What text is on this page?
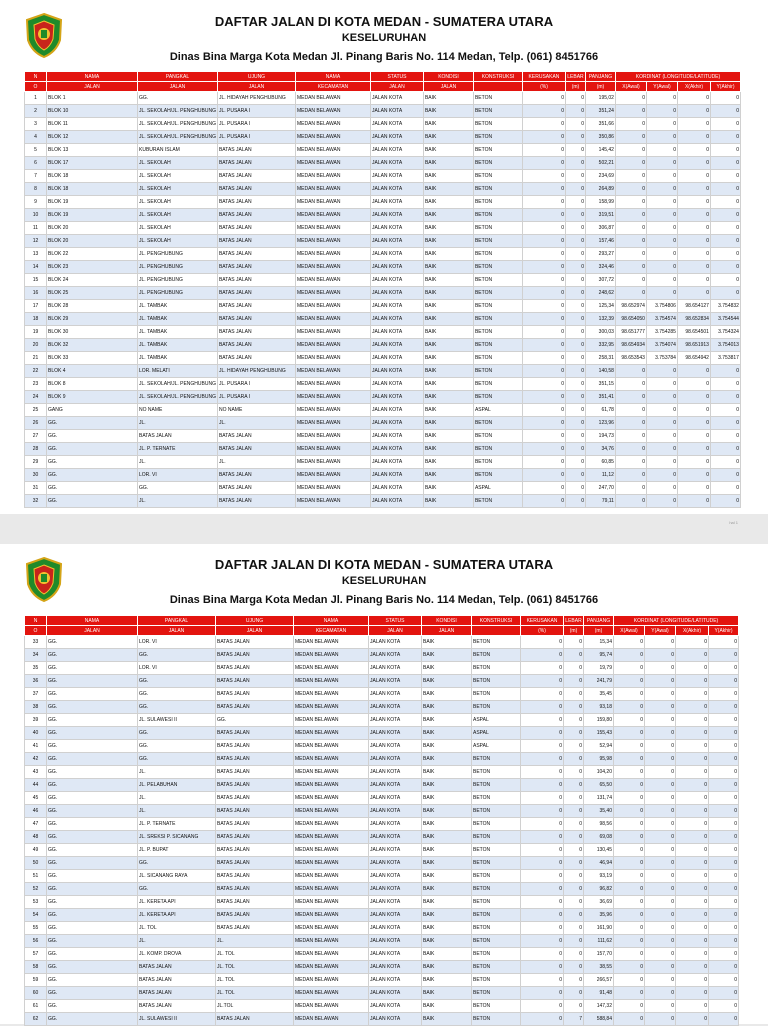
DAFTAR JALAN DI KOTA MEDAN - SUMATERA UTARA
KESELURUHAN
Dinas Bina Marga Kota Medan Jl. Pinang Baris No. 114 Medan, Telp. (061) 8451766
N	NAMA	PANGKAL	UJUNG	NAMA	STATUS	KONDISI	KONSTRUKSI	KERUSAKAN	LEBAR	PANJANG	KORDINAT (LONGITUDE/LATITUDE)			
O	JALAN	JALAN	JALAN	KECAMATAN	JALAN	JALAN		(%)	(m)	(m)	X(Awal)	Y(Awal)	X(Akhir)	Y(Akhir)
1	BLOK 1	GG.	JL. HIDAYAH PENGHUBUNG	MEDAN BELAWAN	JALAN KOTA	BAIK	BETON	0	0	195,02	0	0	0	0
2	BLOK 10	JL. SEKOLAH/JL. PENGHUBUNG	JL. PUSARA I	MEDAN BELAWAN	JALAN KOTA	BAIK	BETON	0	0	351,24	0	0	0	0
3	BLOK 11	JL. SEKOLAH/JL. PENGHUBUNG	JL. PUSARA I	MEDAN BELAWAN	JALAN KOTA	BAIK	BETON	0	0	351,66	0	0	0	0
4	BLOK 12	JL. SEKOLAH/JL. PENGHUBUNG	JL. PUSARA I	MEDAN BELAWAN	JALAN KOTA	BAIK	BETON	0	0	350,86	0	0	0	0
5	BLOK 13	KUBURAN ISLAM	BATAS JALAN	MEDAN BELAWAN	JALAN KOTA	BAIK	BETON	0	0	145,42	0	0	0	0
6	BLOK 17	JL. SEKOLAH	BATAS JALAN	MEDAN BELAWAN	JALAN KOTA	BAIK	BETON	0	0	502,21	0	0	0	0
7	BLOK 18	JL. SEKOLAH	BATAS JALAN	MEDAN BELAWAN	JALAN KOTA	BAIK	BETON	0	0	234,69	0	0	0	0
8	BLOK 18	JL. SEKOLAH	BATAS JALAN	MEDAN BELAWAN	JALAN KOTA	BAIK	BETON	0	0	264,89	0	0	0	0
9	BLOK 19	JL. SEKOLAH	BATAS JALAN	MEDAN BELAWAN	JALAN KOTA	BAIK	BETON	0	0	158,99	0	0	0	0
10	BLOK 19	JL. SEKOLAH	BATAS JALAN	MEDAN BELAWAN	JALAN KOTA	BAIK	BETON	0	0	319,51	0	0	0	0
11	BLOK 20	JL. SEKOLAH	BATAS JALAN	MEDAN BELAWAN	JALAN KOTA	BAIK	BETON	0	0	306,87	0	0	0	0
12	BLOK 20	JL. SEKOLAH	BATAS JALAN	MEDAN BELAWAN	JALAN KOTA	BAIK	BETON	0	0	157,46	0	0	0	0
13	BLOK 22	JL. PENGHUBUNG	BATAS JALAN	MEDAN BELAWAN	JALAN KOTA	BAIK	BETON	0	0	293,27	0	0	0	0
14	BLOK 23	JL. PENGHUBUNG	BATAS JALAN	MEDAN BELAWAN	JALAN KOTA	BAIK	BETON	0	0	324,46	0	0	0	0
15	BLOK 24	JL. PENGHUBUNG	BATAS JALAN	MEDAN BELAWAN	JALAN KOTA	BAIK	BETON	0	0	307,72	0	0	0	0
16	BLOK 25	JL. PENGHUBUNG	BATAS JALAN	MEDAN BELAWAN	JALAN KOTA	BAIK	BETON	0	0	248,62	0	0	0	0
17	BLOK 28	JL. TAMBAK	BATAS JALAN	MEDAN BELAWAN	JALAN KOTA	BAIK	BETON	0	0	125,34	98.652974	3.754806	98.654127	3.754832
18	BLOK 29	JL. TAMBAK	BATAS JALAN	MEDAN BELAWAN	JALAN KOTA	BAIK	BETON	0	0	132,39	98.654050	3.754574	98.652834	3.754544
19	BLOK 30	JL. TAMBAK	BATAS JALAN	MEDAN BELAWAN	JALAN KOTA	BAIK	BETON	0	0	300,03	98.651777	3.754285	98.654501	3.754324
20	BLOK 32	JL. TAMBAK	BATAS JALAN	MEDAN BELAWAN	JALAN KOTA	BAIK	BETON	0	0	332,95	98.654934	3.754074	98.651913	3.754013
21	BLOK 33	JL. TAMBAK	BATAS JALAN	MEDAN BELAWAN	JALAN KOTA	BAIK	BETON	0	0	258,31	98.653543	3.753784	98.654942	3.753817
22	BLOK 4	LOR. MELATI	JL. HIDAYAH PENGHUBUNG	MEDAN BELAWAN	JALAN KOTA	BAIK	BETON	0	0	140,58	0	0	0	0
23	BLOK 8	JL. SEKOLAH/JL. PENGHUBUNG	JL. PUSARA I	MEDAN BELAWAN	JALAN KOTA	BAIK	BETON	0	0	351,15	0	0	0	0
24	BLOK 9	JL. SEKOLAH/JL. PENGHUBUNG	JL. PUSARA I	MEDAN BELAWAN	JALAN KOTA	BAIK	BETON	0	0	351,41	0	0	0	0
25	GANG	NO NAME	NO NAME	MEDAN BELAWAN	JALAN KOTA	BAIK	ASPAL	0	0	61,78	0	0	0	0
26	GG.	JL.	JL.	MEDAN BELAWAN	JALAN KOTA	BAIK	BETON	0	0	123,96	0	0	0	0
27	GG.	BATAS JALAN	BATAS JALAN	MEDAN BELAWAN	JALAN KOTA	BAIK	BETON	0	0	194,73	0	0	0	0
28	GG.	JL. P. TERNATE	BATAS JALAN	MEDAN BELAWAN	JALAN KOTA	BAIK	BETON	0	0	34,76	0	0	0	0
29	GG.	JL.	JL.	MEDAN BELAWAN	JALAN KOTA	BAIK	BETON	0	0	60,85	0	0	0	0
30	GG.	LOR. VI	BATAS JALAN	MEDAN BELAWAN	JALAN KOTA	BAIK	BETON	0	0	11,12	0	0	0	0
31	GG.	GG.	BATAS JALAN	MEDAN BELAWAN	JALAN KOTA	BAIK	ASPAL	0	0	247,70	0	0	0	0
32	GG.	JL.	BATAS JALAN	MEDAN BELAWAN	JALAN KOTA	BAIK	BETON	0	0	79,11	0	0	0	0
hal 1
DAFTAR JALAN DI KOTA MEDAN - SUMATERA UTARA
KESELURUHAN
Dinas Bina Marga Kota Medan Jl. Pinang Baris No. 114 Medan, Telp. (061) 8451766
N	NAMA	PANGKAL	UJUNG	NAMA	STATUS	KONDISI	KONSTRUKSI	KERUSAKAN	LEBAR	PANJANG	KORDINAT (LONGITUDE/LATITUDE)			
O	JALAN	JALAN	JALAN	KECAMATAN	JALAN	JALAN		(%)	(m)	(m)	X(Awal)	Y(Awal)	X(Akhir)	Y(Akhir)
33	GG.	LOR. VI	BATAS JALAN	MEDAN BELAWAN	JALAN KOTA	BAIK	BETON	0	0	15,34	0	0	0	0
34	GG.	GG.	BATAS JALAN	MEDAN BELAWAN	JALAN KOTA	BAIK	BETON	0	0	95,74	0	0	0	0
35	GG.	LOR. VI	BATAS JALAN	MEDAN BELAWAN	JALAN KOTA	BAIK	BETON	0	0	19,79	0	0	0	0
36	GG.	GG.	BATAS JALAN	MEDAN BELAWAN	JALAN KOTA	BAIK	BETON	0	0	241,79	0	0	0	0
37	GG.	GG.	BATAS JALAN	MEDAN BELAWAN	JALAN KOTA	BAIK	BETON	0	0	35,45	0	0	0	0
38	GG.	GG.	BATAS JALAN	MEDAN BELAWAN	JALAN KOTA	BAIK	BETON	0	0	93,18	0	0	0	0
39	GG.	JL. SULAWESI II	GG.	MEDAN BELAWAN	JALAN KOTA	BAIK	ASPAL	0	0	159,80	0	0	0	0
40	GG.	GG.	BATAS JALAN	MEDAN BELAWAN	JALAN KOTA	BAIK	ASPAL	0	0	155,43	0	0	0	0
41	GG.	GG.	BATAS JALAN	MEDAN BELAWAN	JALAN KOTA	BAIK	ASPAL	0	0	52,94	0	0	0	0
42	GG.	GG.	BATAS JALAN	MEDAN BELAWAN	JALAN KOTA	BAIK	BETON	0	0	95,98	0	0	0	0
43	GG.	JL.	BATAS JALAN	MEDAN BELAWAN	JALAN KOTA	BAIK	BETON	0	0	104,20	0	0	0	0
44	GG.	JL. PELABUHAN	BATAS JALAN	MEDAN BELAWAN	JALAN KOTA	BAIK	BETON	0	0	65,50	0	0	0	0
45	GG.	JL.	BATAS JALAN	MEDAN BELAWAN	JALAN KOTA	BAIK	BETON	0	0	131,74	0	0	0	0
46	GG.	JL.	BATAS JALAN	MEDAN BELAWAN	JALAN KOTA	BAIK	BETON	0	0	35,40	0	0	0	0
47	GG.	JL. P. TERNATE	BATAS JALAN	MEDAN BELAWAN	JALAN KOTA	BAIK	BETON	0	0	98,56	0	0	0	0
48	GG.	JL. SREKSI P. SICANANG	BATAS JALAN	MEDAN BELAWAN	JALAN KOTA	BAIK	BETON	0	0	69,08	0	0	0	0
49	GG.	JL. P. BUPAT	BATAS JALAN	MEDAN BELAWAN	JALAN KOTA	BAIK	BETON	0	0	130,45	0	0	0	0
50	GG.	GG.	BATAS JALAN	MEDAN BELAWAN	JALAN KOTA	BAIK	BETON	0	0	46,94	0	0	0	0
51	GG.	JL. SICANANG RAYA	BATAS JALAN	MEDAN BELAWAN	JALAN KOTA	BAIK	BETON	0	0	93,19	0	0	0	0
52	GG.	GG.	BATAS JALAN	MEDAN BELAWAN	JALAN KOTA	BAIK	BETON	0	0	96,82	0	0	0	0
53	GG.	JL. KERETA API	BATAS JALAN	MEDAN BELAWAN	JALAN KOTA	BAIK	BETON	0	0	36,69	0	0	0	0
54	GG.	JL. KERETA API	BATAS JALAN	MEDAN BELAWAN	JALAN KOTA	BAIK	BETON	0	0	35,96	0	0	0	0
55	GG.	JL. TOL	BATAS JALAN	MEDAN BELAWAN	JALAN KOTA	BAIK	BETON	0	0	161,90	0	0	0	0
56	GG.	JL.	JL.	MEDAN BELAWAN	JALAN KOTA	BAIK	BETON	0	0	111,62	0	0	0	0
57	GG.	JL. KOMP. DROVA	JL. TOL	MEDAN BELAWAN	JALAN KOTA	BAIK	BETON	0	0	157,70	0	0	0	0
58	GG.	BATAS JALAN	JL. TOL	MEDAN BELAWAN	JALAN KOTA	BAIK	BETON	0	0	38,55	0	0	0	0
59	GG.	BATAS JALAN	JL. TOL	MEDAN BELAWAN	JALAN KOTA	BAIK	BETON	0	0	266,57	0	0	0	0
60	GG.	BATAS JALAN	JL. TOL	MEDAN BELAWAN	JALAN KOTA	BAIK	BETON	0	0	91,48	0	0	0	0
61	GG.	BATAS JALAN	JL.TOL	MEDAN BELAWAN	JALAN KOTA	BAIK	BETON	0	0	147,32	0	0	0	0
62	GG.	JL. SULAWESI II	BATAS JALAN	MEDAN BELAWAN	JALAN KOTA	BAIK	BETON	0	7	588,84	0	0	0	0
